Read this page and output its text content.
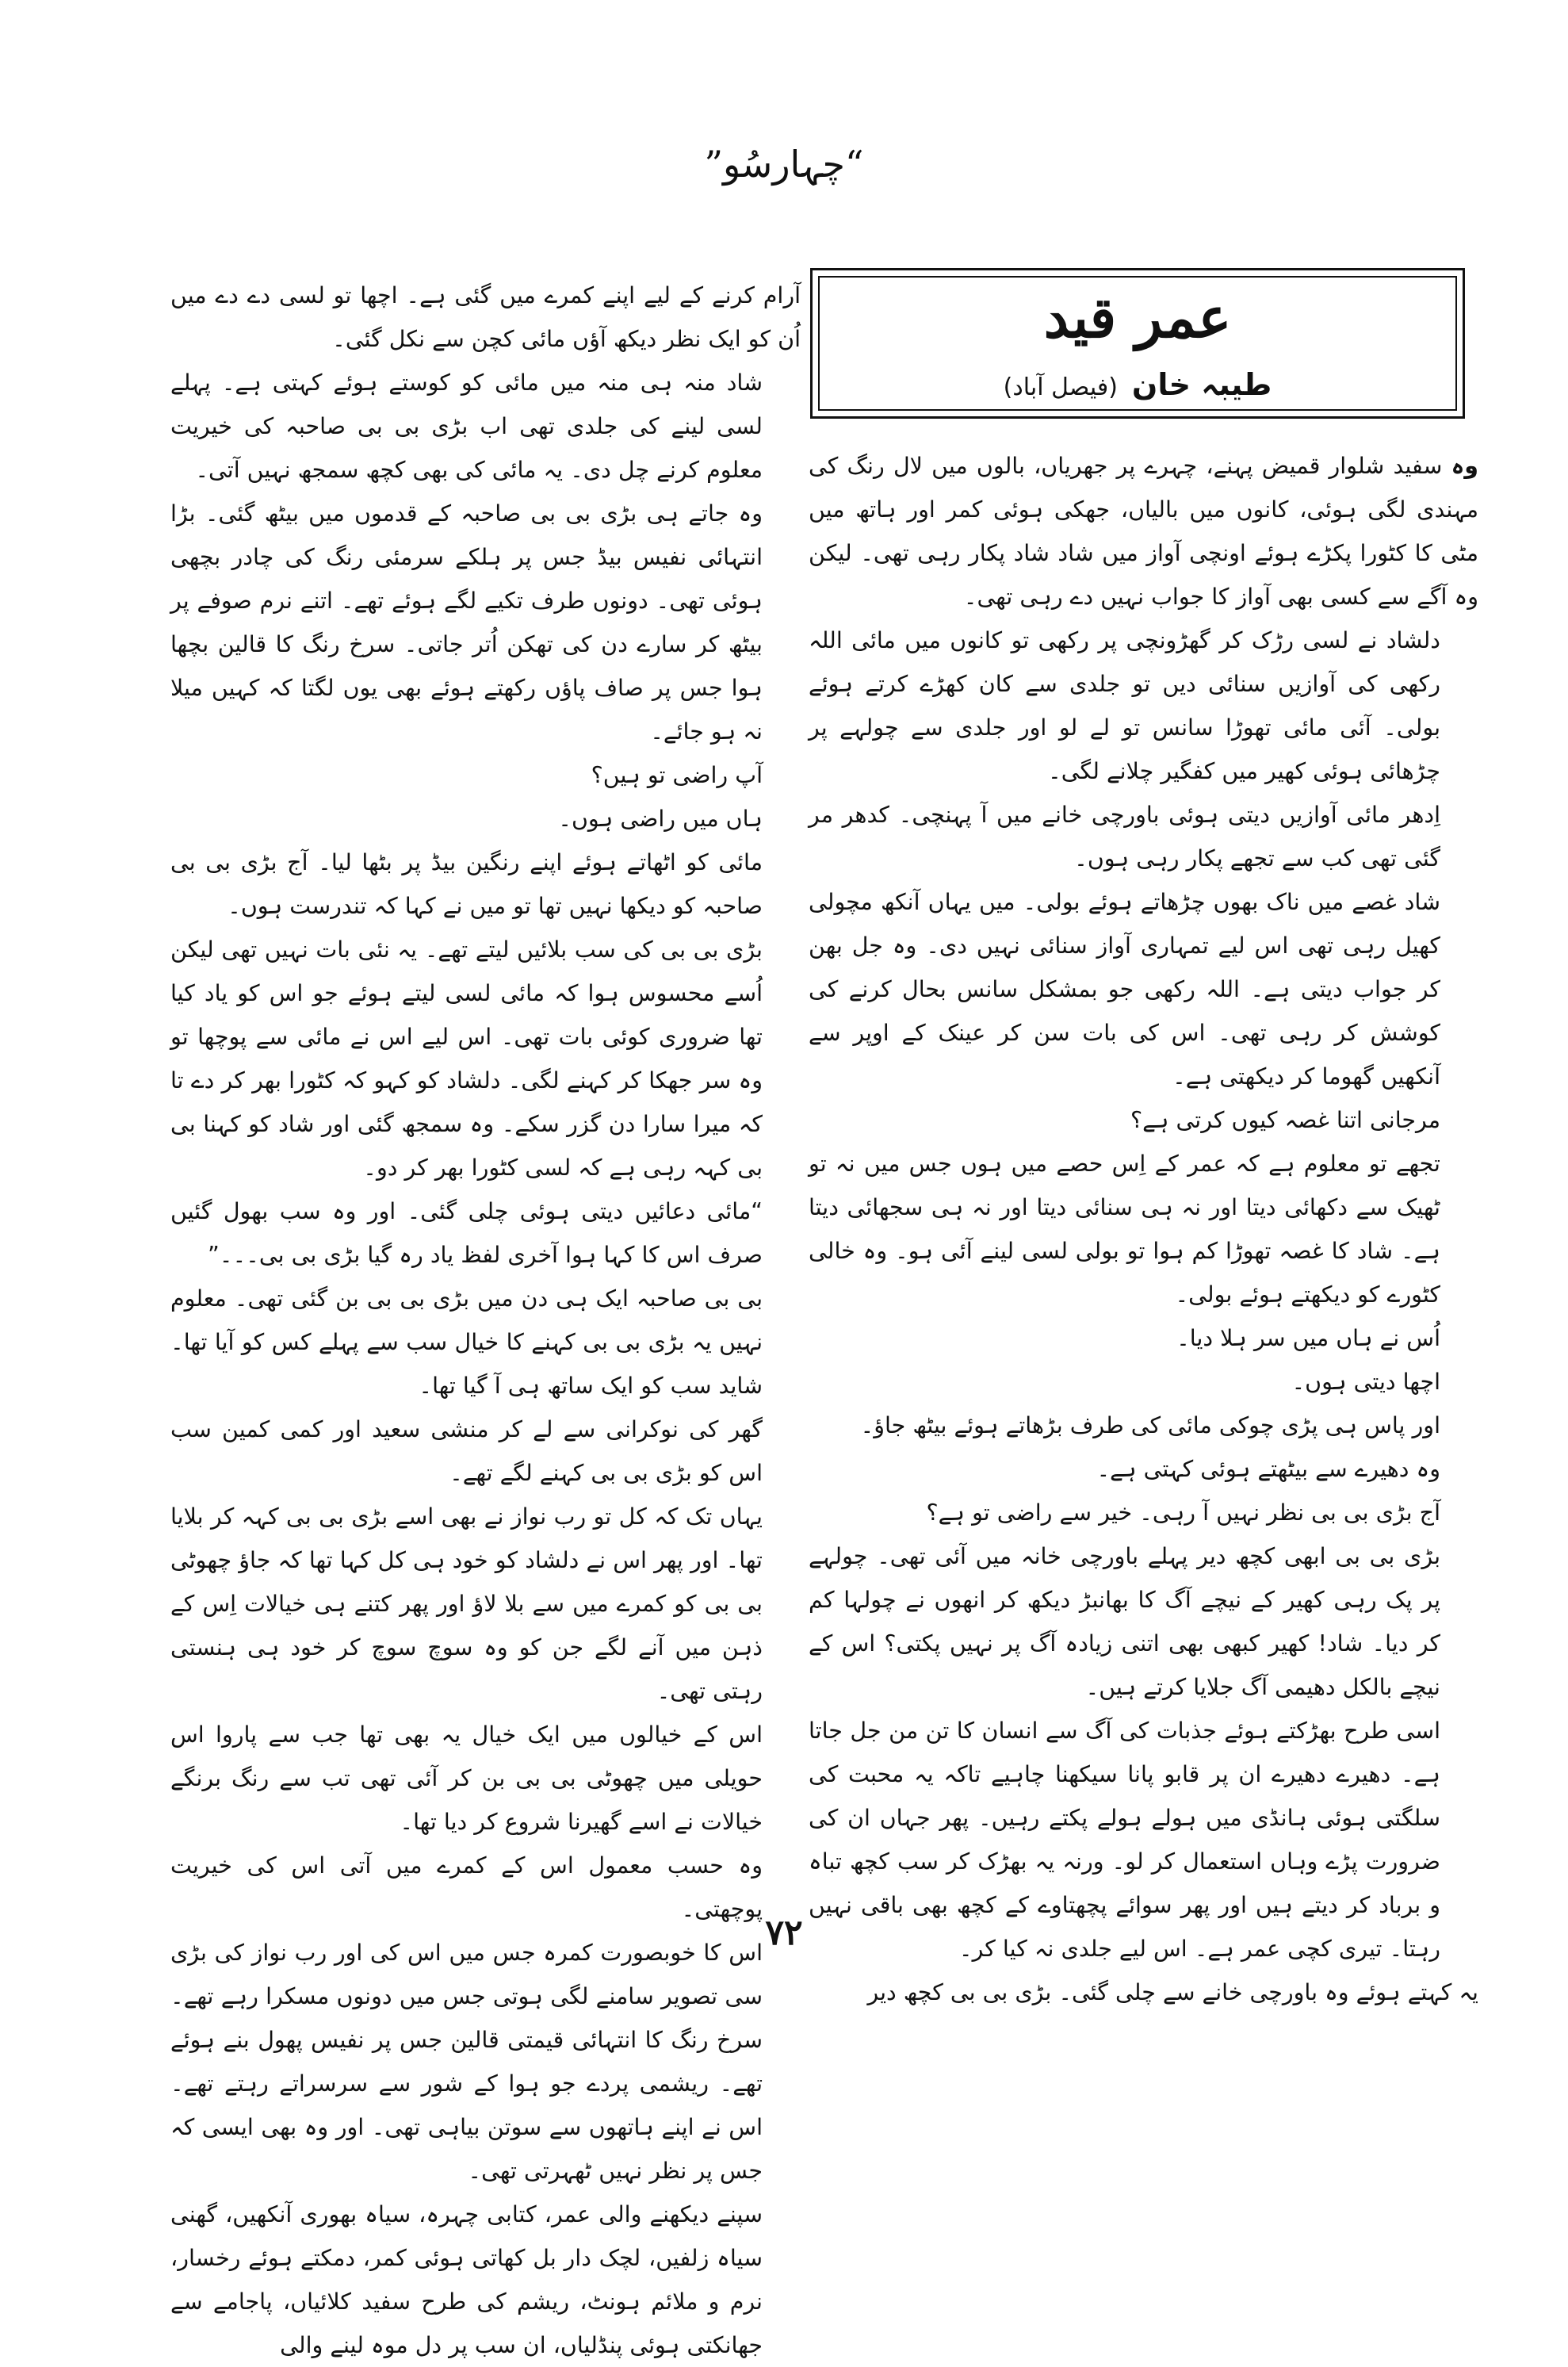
“چہارسُو”
عمر قید
طیبہ خان(فیصل آباد)

وہ سفید شلوار قمیض پہنے، چہرے پر جھریاں، بالوں میں لال رنگ کی مہندی لگی ہوئی، کانوں میں بالیاں، جھکی ہوئی کمر اور ہاتھ میں مٹی کا کٹورا پکڑے ہوئے اونچی آواز میں شاد شاد پکار رہی تھی۔ لیکن وہ آگے سے کسی بھی آواز کا جواب نہیں دے رہی تھی۔

دلشاد نے لسی رڑک کر گھڑونچی پر رکھی تو کانوں میں مائی اللہ رکھی کی آوازیں سنائی دیں تو جلدی سے کان کھڑے کرتے ہوئے بولی۔ آئی مائی تھوڑا سانس تو لے لو اور جلدی سے چولہے پر چڑھائی ہوئی کھیر میں کفگیر چلانے لگی۔

اِدھر مائی آوازیں دیتی ہوئی باورچی خانے میں آ پہنچی۔ کدھر مر گئی تھی کب سے تجھے پکار رہی ہوں۔

شاد غصے میں ناک بھوں چڑھاتے ہوئے بولی۔ میں یہاں آنکھ مچولی کھیل رہی تھی اس لیے تمہاری آواز سنائی نہیں دی۔ وہ جل بھن کر جواب دیتی ہے۔ اللہ رکھی جو بمشکل سانس بحال کرنے کی کوشش کر رہی تھی۔ اس کی بات سن کر عینک کے اوپر سے آنکھیں گھوما کر دیکھتی ہے۔

مرجانی اتنا غصہ کیوں کرتی ہے؟

تجھے تو معلوم ہے کہ عمر کے اِس حصے میں ہوں جس میں نہ تو ٹھیک سے دکھائی دیتا اور نہ ہی سنائی دیتا اور نہ ہی سجھائی دیتا ہے۔ شاد کا غصہ تھوڑا کم ہوا تو بولی لسی لینے آئی ہو۔ وہ خالی کٹورے کو دیکھتے ہوئے بولی۔

اُس نے ہاں میں سر ہلا دیا۔

اچھا دیتی ہوں۔

اور پاس ہی پڑی چوکی مائی کی طرف بڑھاتے ہوئے بیٹھ جاؤ۔

وہ دھیرے سے بیٹھتے ہوئی کہتی ہے۔

آج بڑی بی بی نظر نہیں آ رہی۔ خیر سے راضی تو ہے؟

بڑی بی بی ابھی کچھ دیر پہلے باورچی خانہ میں آئی تھی۔ چولہے پر پک رہی کھیر کے نیچے آگ کا بھانبڑ دیکھ کر انھوں نے چولہا کم کر دیا۔ شاد! کھیر کبھی بھی اتنی زیادہ آگ پر نہیں پکتی؟ اس کے نیچے بالکل دھیمی آگ جلایا کرتے ہیں۔

اسی طرح بھڑکتے ہوئے جذبات کی آگ سے انسان کا تن من جل جاتا ہے۔ دھیرے دھیرے ان پر قابو پانا سیکھنا چاہیے تاکہ یہ محبت کی سلگتی ہوئی ہانڈی میں ہولے ہولے پکتے رہیں۔ پھر جہاں ان کی ضرورت پڑے وہاں استعمال کر لو۔ ورنہ یہ بھڑک کر سب کچھ تباہ و برباد کر دیتے ہیں اور پھر سوائے پچھتاوے کے کچھ بھی باقی نہیں رہتا۔ تیری کچی عمر ہے۔ اس لیے جلدی نہ کیا کر۔

یہ کہتے ہوئے وہ باورچی خانے سے چلی گئی۔ بڑی بی بی کچھ دیر

آرام کرنے کے لیے اپنے کمرے میں گئی ہے۔ اچھا تو لسی دے دے میں اُن کو ایک نظر دیکھ آؤں مائی کچن سے نکل گئی۔

شاد منہ ہی منہ میں مائی کو کوستے ہوئے کہتی ہے۔ پہلے لسی لینے کی جلدی تھی اب بڑی بی بی صاحبہ کی خیریت معلوم کرنے چل دی۔ یہ مائی کی بھی کچھ سمجھ نہیں آتی۔

وہ جاتے ہی بڑی بی بی صاحبہ کے قدموں میں بیٹھ گئی۔ بڑا انتہائی نفیس بیڈ جس پر ہلکے سرمئی رنگ کی چادر بچھی ہوئی تھی۔ دونوں طرف تکیے لگے ہوئے تھے۔ اتنے نرم صوفے پر بیٹھ کر سارے دن کی تھکن اُتر جاتی۔ سرخ رنگ کا قالین بچھا ہوا جس پر صاف پاؤں رکھتے ہوئے بھی یوں لگتا کہ کہیں میلا نہ ہو جائے۔

آپ راضی تو ہیں؟

ہاں میں راضی ہوں۔

مائی کو اٹھاتے ہوئے اپنے رنگین بیڈ پر بٹھا لیا۔ آج بڑی بی بی صاحبہ کو دیکھا نہیں تھا تو میں نے کہا کہ تندرست ہوں۔

بڑی بی بی کی سب بلائیں لیتے تھے۔ یہ نئی بات نہیں تھی لیکن اُسے محسوس ہوا کہ مائی لسی لیتے ہوئے جو اس کو یاد کیا تھا ضروری کوئی بات تھی۔ اس لیے اس نے مائی سے پوچھا تو وہ سر جھکا کر کہنے لگی۔ دلشاد کو کہو کہ کٹورا بھر کر دے تا کہ میرا سارا دن گزر سکے۔ وہ سمجھ گئی اور شاد کو کہنا بی بی کہہ رہی ہے کہ لسی کٹورا بھر کر دو۔

“مائی دعائیں دیتی ہوئی چلی گئی۔ اور وہ سب بھول گئیں صرف اس کا کہا ہوا آخری لفظ یاد رہ گیا بڑی بی بی۔۔۔”

بی بی صاحبہ ایک ہی دن میں بڑی بی بی بن گئی تھی۔ معلوم نہیں یہ بڑی بی بی کہنے کا خیال سب سے پہلے کس کو آیا تھا۔ شاید سب کو ایک ساتھ ہی آ گیا تھا۔

گھر کی نوکرانی سے لے کر منشی سعید اور کمی کمین سب اس کو بڑی بی بی کہنے لگے تھے۔

یہاں تک کہ کل تو رب نواز نے بھی اسے بڑی بی بی کہہ کر بلایا تھا۔ اور پھر اس نے دلشاد کو خود ہی کل کہا تھا کہ جاؤ چھوٹی بی بی کو کمرے میں سے بلا لاؤ اور پھر کتنے ہی خیالات اِس کے ذہن میں آنے لگے جن کو وہ سوچ سوچ کر خود ہی ہنستی رہتی تھی۔

اس کے خیالوں میں ایک خیال یہ بھی تھا جب سے پاروا اس حویلی میں چھوٹی بی بی بن کر آئی تھی تب سے رنگ برنگے خیالات نے اسے گھیرنا شروع کر دیا تھا۔

وہ حسب معمول اس کے کمرے میں آتی اس کی خیریت پوچھتی۔

اس کا خوبصورت کمرہ جس میں اس کی اور رب نواز کی بڑی سی تصویر سامنے لگی ہوتی جس میں دونوں مسکرا رہے تھے۔ سرخ رنگ کا انتہائی قیمتی قالین جس پر نفیس پھول بنے ہوئے تھے۔ ریشمی پردے جو ہوا کے شور سے سرسراتے رہتے تھے۔ اس نے اپنے ہاتھوں سے سوتن بیاہی تھی۔ اور وہ بھی ایسی کہ جس پر نظر نہیں ٹھہرتی تھی۔

سپنے دیکھنے والی عمر، کتابی چہرہ، سیاہ بھوری آنکھیں، گھنی سیاہ زلفیں، لچک دار بل کھاتی ہوئی کمر، دمکتے ہوئے رخسار، نرم و ملائم ہونٹ، ریشم کی طرح سفید کلائیاں، پاجامے سے جھانکتی ہوئی پنڈلیاں، ان سب پر دل موہ لینے والی

۷۲
